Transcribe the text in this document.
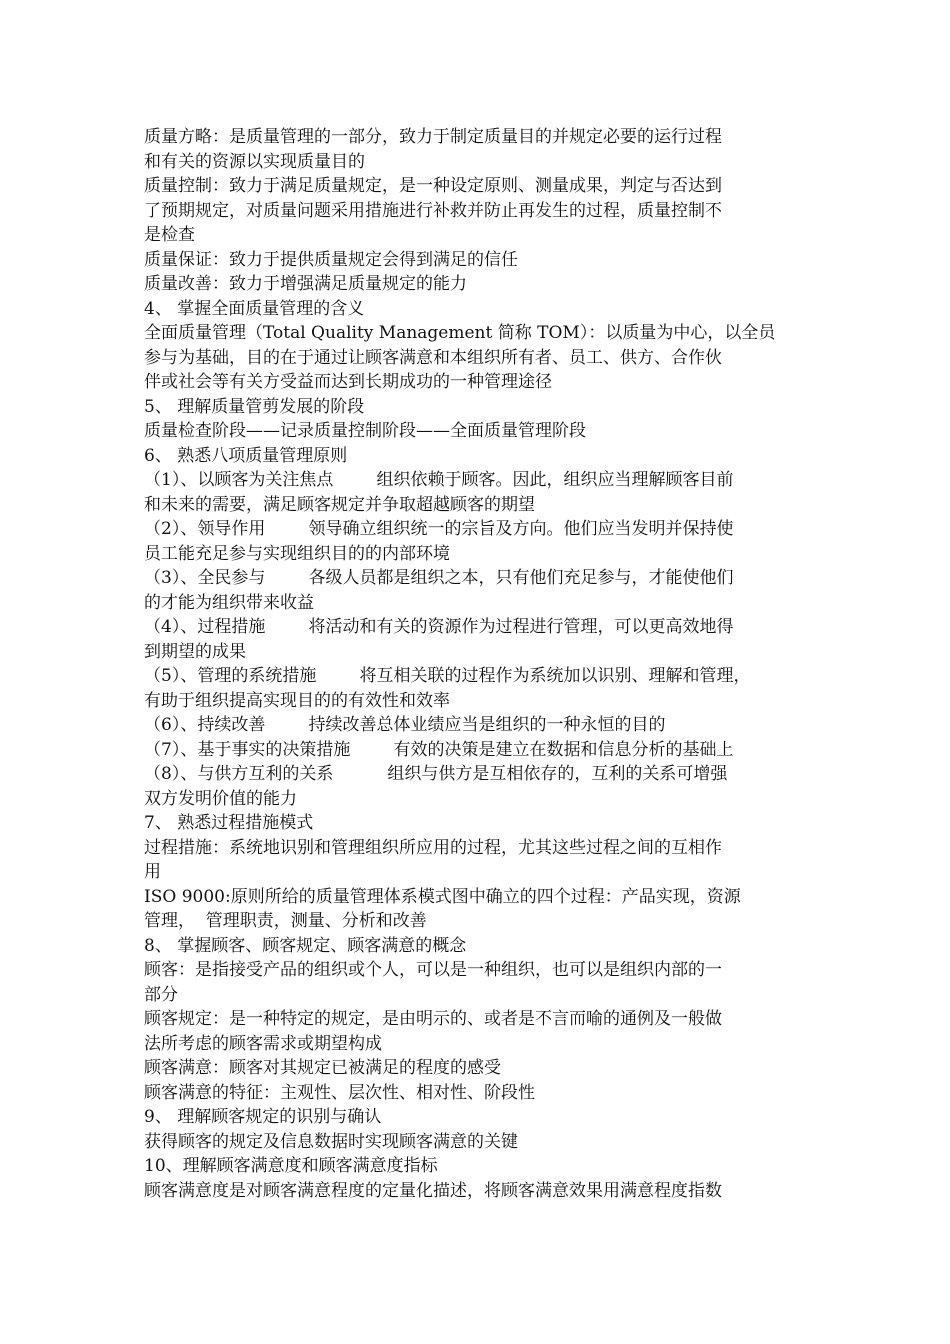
质量方略：是质量管理的一部分，致力于制定质量目的并规定必要的运行过程
和有关的资源以实现质量目的
质量控制：致力于满足质量规定，是一种设定原则、测量成果，判定与否达到
了预期规定，对质量问题采用措施进行补救并防止再发生的过程，质量控制不
是检查
质量保证：致力于提供质量规定会得到满足的信任
质量改善：致力于增强满足质量规定的能力
4、 掌握全面质量管理的含义
全面质量管理（Total Quality Management 简称 TOM）：以质量为中心，以全员
参与为基础，目的在于通过让顾客满意和本组织所有者、员工、供方、合作伙
伴或社会等有关方受益而达到长期成功的一种管理途径
5、 理解质量管剪发展的阶段
质量检查阶段——记录质量控制阶段——全面质量管理阶段
6、 熟悉八项质量管理原则
（1）、以顾客为关注焦点        组织依赖于顾客。因此，组织应当理解顾客目前
和未来的需要，满足顾客规定并争取超越顾客的期望
（2）、领导作用        领导确立组织统一的宗旨及方向。他们应当发明并保持使
员工能充足参与实现组织目的的内部环境
（3）、全民参与        各级人员都是组织之本，只有他们充足参与，才能使他们
的才能为组织带来收益
（4）、过程措施        将活动和有关的资源作为过程进行管理，可以更高效地得
到期望的成果
（5）、管理的系统措施        将互相关联的过程作为系统加以识别、理解和管理，
有助于组织提高实现目的的有效性和效率
（6）、持续改善        持续改善总体业绩应当是组织的一种永恒的目的
（7）、基于事实的决策措施        有效的决策是建立在数据和信息分析的基础上
（8）、与供方互利的关系          组织与供方是互相依存的，互利的关系可增强
双方发明价值的能力
7、 熟悉过程措施模式
过程措施：系统地识别和管理组织所应用的过程，尤其这些过程之间的互相作
用
ISO 9000:原则所给的质量管理体系模式图中确立的四个过程：产品实现，资源
管理，  管理职责，测量、分析和改善
8、 掌握顾客、顾客规定、顾客满意的概念
顾客：是指接受产品的组织或个人，可以是一种组织，也可以是组织内部的一
部分
顾客规定：是一种特定的规定，是由明示的、或者是不言而喻的通例及一般做
法所考虑的顾客需求或期望构成
顾客满意：顾客对其规定已被满足的程度的感受
顾客满意的特征：主观性、层次性、相对性、阶段性
9、 理解顾客规定的识别与确认
获得顾客的规定及信息数据时实现顾客满意的关键
10、理解顾客满意度和顾客满意度指标
顾客满意度是对顾客满意程度的定量化描述，将顾客满意效果用满意程度指数
